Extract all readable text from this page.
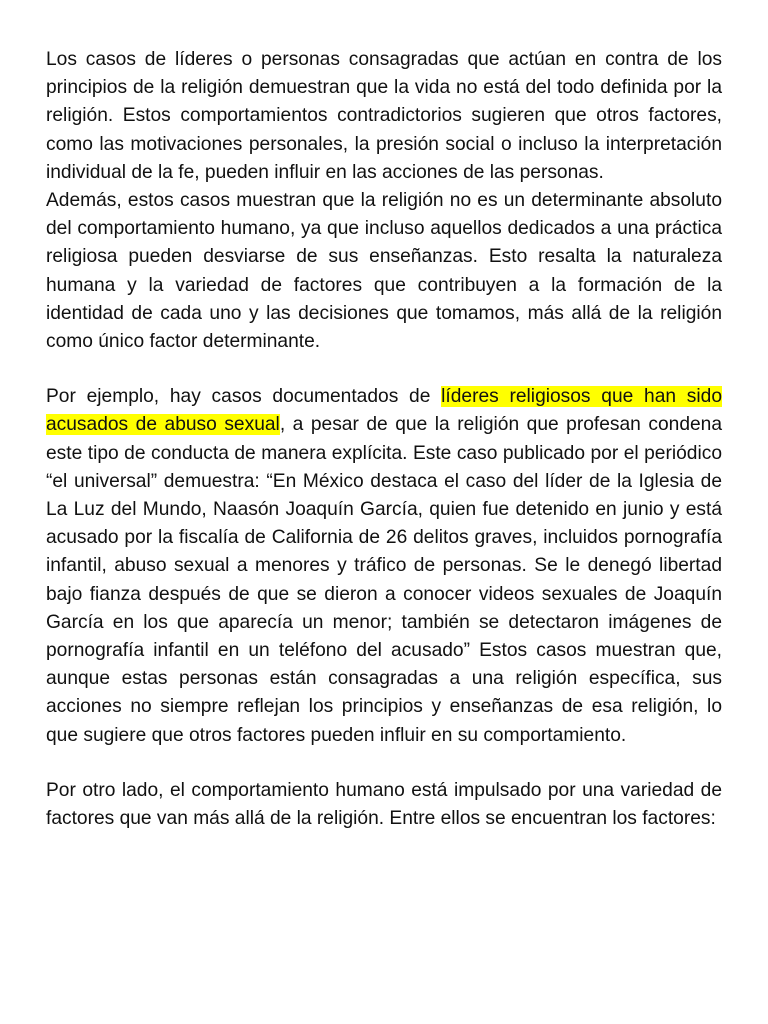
Los casos de líderes o personas consagradas que actúan en contra de los principios de la religión demuestran que la vida no está del todo definida por la religión. Estos comportamientos contradictorios sugieren que otros factores, como las motivaciones personales, la presión social o incluso la interpretación individual de la fe, pueden influir en las acciones de las personas.

Además, estos casos muestran que la religión no es un determinante absoluto del comportamiento humano, ya que incluso aquellos dedicados a una práctica religiosa pueden desviarse de sus enseñanzas. Esto resalta la naturaleza humana y la variedad de factores que contribuyen a la formación de la identidad de cada uno y las decisiones que tomamos, más allá de la religión como único factor determinante.

Por ejemplo, hay casos documentados de líderes religiosos que han sido acusados de abuso sexual, a pesar de que la religión que profesan condena este tipo de conducta de manera explícita. Este caso publicado por el periódico “el universal” demuestra: “En México destaca el caso del líder de la Iglesia de La Luz del Mundo, Naasón Joaquín García, quien fue detenido en junio y está acusado por la fiscalía de California de 26 delitos graves, incluidos pornografía infantil, abuso sexual a menores y tráfico de personas. Se le denegó libertad bajo fianza después de que se dieron a conocer videos sexuales de Joaquín García en los que aparecía un menor; también se detectaron imágenes de pornografía infantil en un teléfono del acusado” Estos casos muestran que, aunque estas personas están consagradas a una religión específica, sus acciones no siempre reflejan los principios y enseñanzas de esa religión, lo que sugiere que otros factores pueden influir en su comportamiento.

Por otro lado, el comportamiento humano está impulsado por una variedad de factores que van más allá de la religión. Entre ellos se encuentran los factores:
